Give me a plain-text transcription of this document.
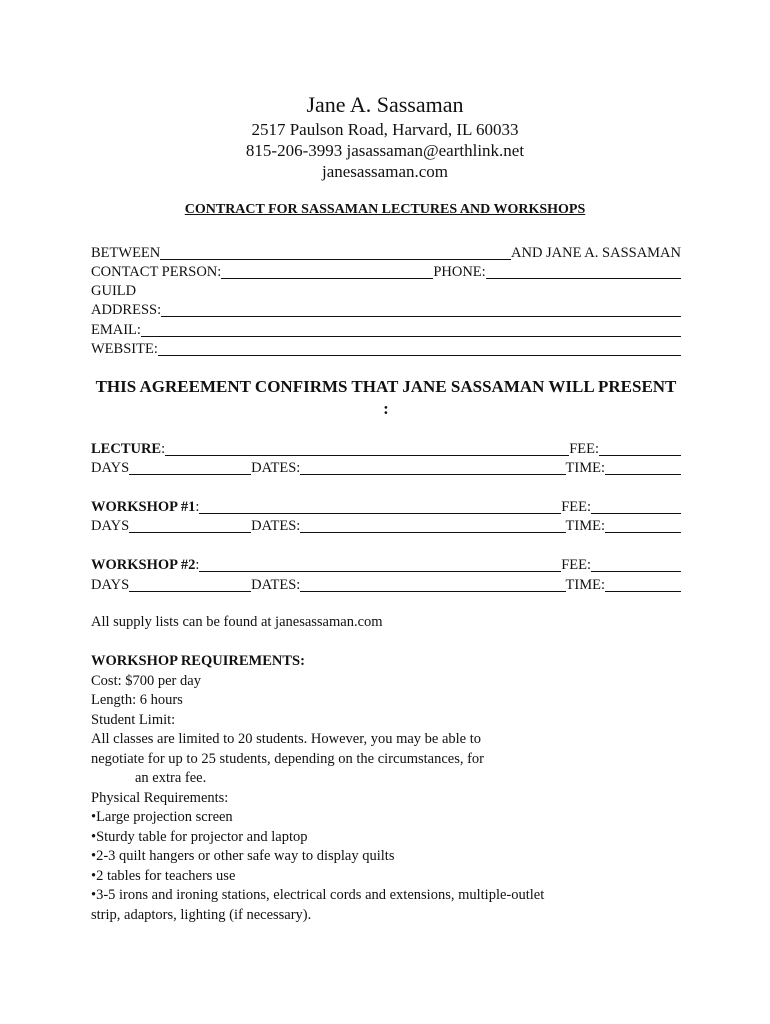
Jane A. Sassaman
2517 Paulson Road, Harvard, IL 60033
815-206-3993 jasassaman@earthlink.net
janesassaman.com
CONTRACT FOR SASSAMAN LECTURES AND WORKSHOPS
BETWEEN	AND JANE A. SASSAMAN
CONTACT PERSON:	PHONE:
GUILD
ADDRESS:
EMAIL:
WEBSITE:
THIS AGREEMENT CONFIRMS THAT JANE SASSAMAN WILL PRESENT :
LECTURE :	FEE:
DAYS	DATES:	TIME:
WORKSHOP #1 :	FEE:
DAYS	DATES:	TIME:
WORKSHOP #2 :	FEE:
DAYS	DATES:	TIME:
All supply lists can be found at janesassaman.com
WORKSHOP REQUIREMENTS:
Cost: $700 per day
Length: 6 hours
Student Limit:
All classes are limited to 20 students. However, you may be able to
negotiate for up to 25 students, depending on the circumstances, for
an extra fee.
Physical Requirements:
•Large projection screen
•Sturdy table for projector and laptop
•2-3 quilt hangers or other safe way to display quilts
•2 tables for teachers use
•3-5 irons and ironing stations, electrical cords and extensions, multiple-outlet
strip, adaptors, lighting (if necessary).
